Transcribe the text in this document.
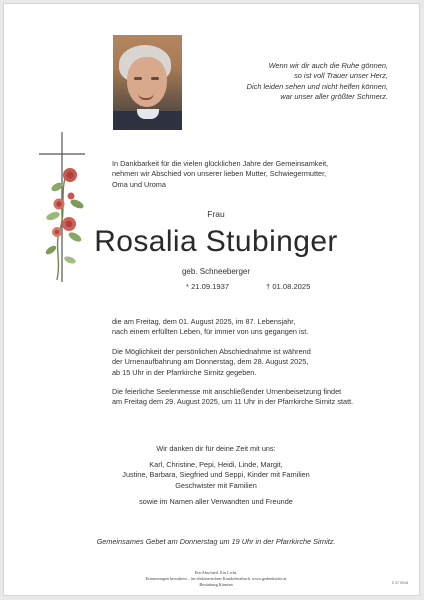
Wenn wir dir auch die Ruhe gönnen,
so ist voll Trauer unser Herz,
Dich leiden sehen und nicht helfen können,
war unser aller größter Schmerz.
In Dankbarkeit für die vielen glücklichen Jahre der Gemeinsamkeit,
nehmen wir Abschied von unserer lieben Mutter, Schwiegermutter,
Oma und Uroma
Frau
Rosalia Stubinger
geb. Schneeberger
* 21.09.1937	† 01.08.2025
die am Freitag, dem 01. August 2025, im 87. Lebensjahr,
nach einem erfüllten Leben, für immer von uns gegangen ist.
Die Möglichkeit der persönlichen Abschiednahme ist während
der Urnenaufbahrung am Donnerstag, dem 28. August 2025,
ab 15 Uhr in der Pfarrkirche Sirnitz gegeben.
Die feierliche Seelenmesse mit anschließender Urnenbeisetzung findet
am Freitag dem 29. August 2025, um 11 Uhr in der Pfarrkirche Sirnitz statt.
Wir danken dir für deine Zeit mit uns:
Karl, Christine, Pepi, Heidi, Linde, Margit,
Justine, Barbara, Siegfried und Seppi, Kinder mit Familien
Geschwister mit Familien
sowie im Namen aller Verwandten und Freunde
Gemeinsames Gebet am Donnerstag um 19 Uhr in der Pfarrkirche Sirnitz.
Ein Abschied. Ein Licht.
Erinnerungen bewahren – im elektronischen Kondolenzbuch. www.gedenkseite.at
Bestattung Kärnten	S 37 9018
